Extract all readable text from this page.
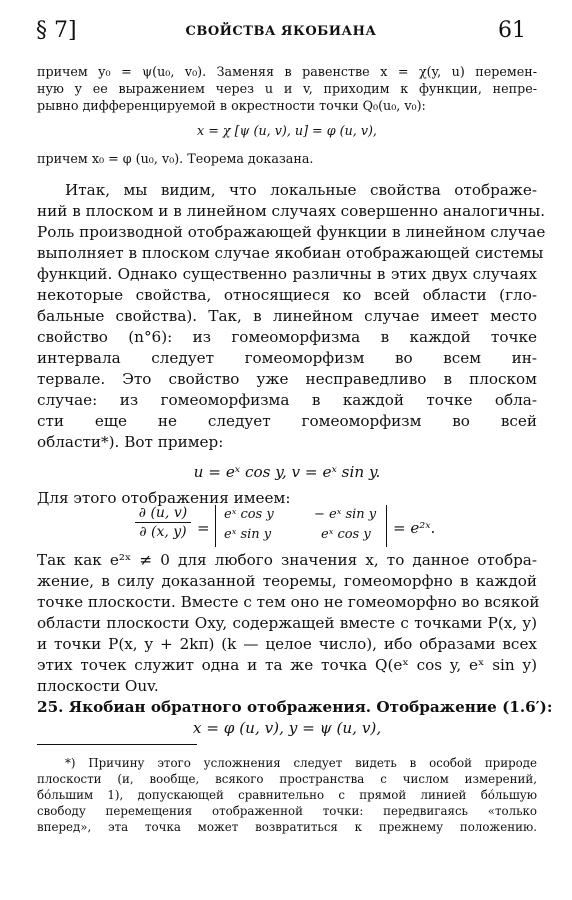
§ 7]	СВОЙСТВА ЯКОБИАНА	61
причем y₀ = ψ(u₀, v₀). Заменяя в равенстве x = χ(y, u) перемен-
ную y ее выражением через u и v, приходим к функции, непре-
рывно дифференцируемой в окрестности точки Q₀(u₀, v₀):
x = χ [ψ (u, v), u] = φ (u, v),
причем x₀ = φ (u₀, v₀). Теорема доказана.
Итак, мы видим, что локальные свойства отображе-
ний в плоском и в линейном случаях совершенно аналогичны.
Роль производной отображающей функции в линейном случае
выполняет в плоском случае якобиан отображающей системы
функций. Однако существенно различны в этих двух случаях
некоторые свойства, относящиеся ко всей области (гло-
бальные свойства). Так, в линейном случае имеет место
свойство (n°6): из гомеоморфизма в каждой точке
интервала следует гомеоморфизм во всем ин-
тервале. Это свойство уже несправедливо в плоском
случае: из гомеоморфизма в каждой точке обла-
сти еще не следует гомеоморфизм во всей
области*). Вот пример:
u = eˣ cos y, v = eˣ sin y.
Для этого отображения имеем:
$\frac{\partial (u, v)}{\partial (x, y)}$ =
eˣ cos y	− eˣ sin y
eˣ sin y	eˣ cos y = e²ˣ.
Так как e²ˣ ≠ 0 для любого значения x, то данное отобра-
жение, в силу доказанной теоремы, гомеоморфно в каждой
точке плоскости. Вместе с тем оно не гомеоморфно во всякой
области плоскости Oxy, содержащей вместе с точками P(x, y)
и точки P(x, y + 2kπ) (k — целое число), ибо образами всех
этих точек служит одна и та же точка Q(eˣ cos y, eˣ sin y)
плоскости Ouv.
25. Якобиан обратного отображения. Отображение (1.6′):
x = φ (u, v), y = ψ (u, v),
*) Причину этого усложнения следует видеть в особой природе
плоскости (и, вообще, всякого пространства с числом измерений,
бо́льшим 1), допускающей сравнительно с прямой линией бо́льшую
свободу перемещения отображенной точки: передвигаясь «только
вперед», эта точка может возвратиться к прежнему положению.
